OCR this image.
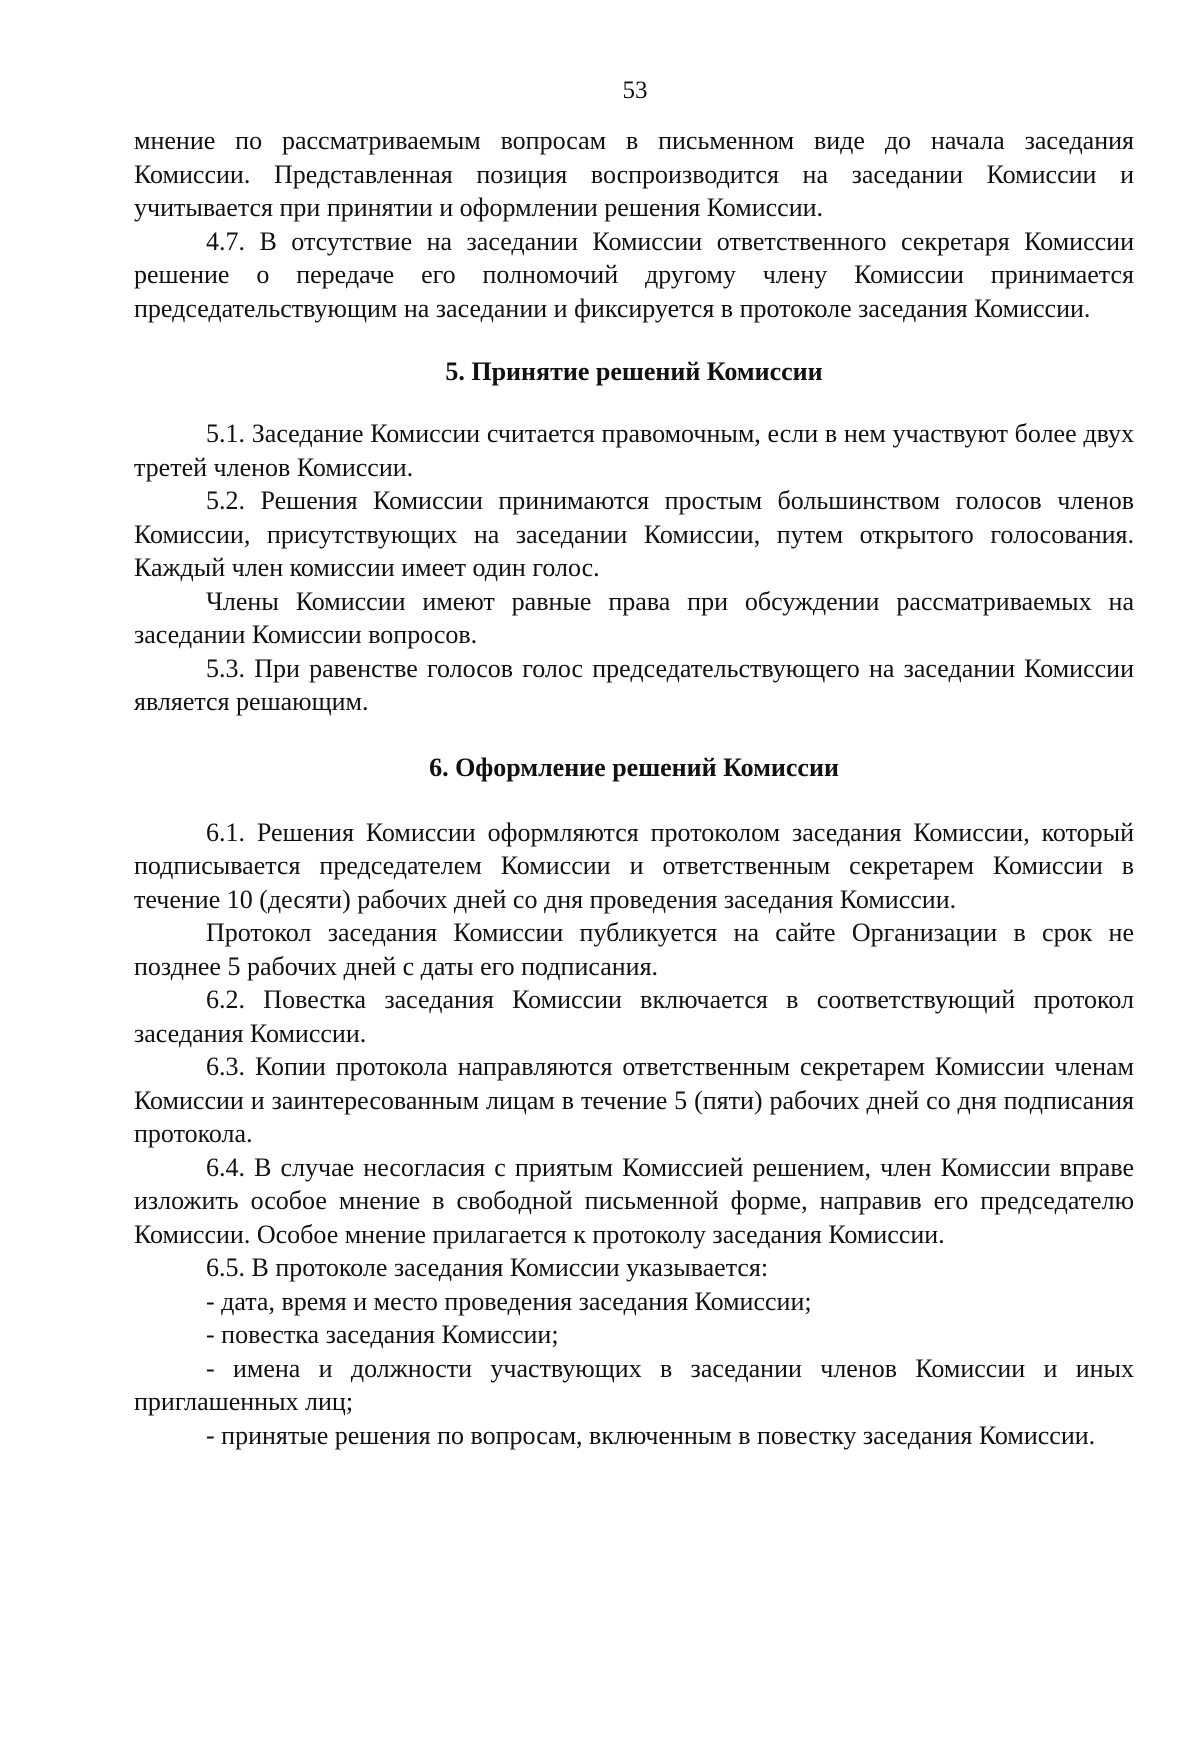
53

мнение по рассматриваемым вопросам в письменном виде до начала заседания Комиссии. Представленная позиция воспроизводится на заседании Комиссии и учитывается при принятии и оформлении решения Комиссии.

4.7. В отсутствие на заседании Комиссии ответственного секретаря Комиссии решение о передаче его полномочий другому члену Комиссии принимается председательствующим на заседании и фиксируется в протоколе заседания Комиссии.

5. Принятие решений Комиссии

5.1. Заседание Комиссии считается правомочным, если в нем участвуют более двух третей членов Комиссии.

5.2. Решения Комиссии принимаются простым большинством голосов членов Комиссии, присутствующих на заседании Комиссии, путем открытого голосования. Каждый член комиссии имеет один голос.

Члены Комиссии имеют равные права при обсуждении рассматриваемых на заседании Комиссии вопросов.

5.3. При равенстве голосов голос председательствующего на заседании Комиссии является решающим.

6. Оформление решений Комиссии

6.1. Решения Комиссии оформляются протоколом заседания Комиссии, который подписывается председателем Комиссии и ответственным секретарем Комиссии в течение 10 (десяти) рабочих дней со дня проведения заседания Комиссии.

Протокол заседания Комиссии публикуется на сайте Организации в срок не позднее 5 рабочих дней с даты его подписания.

6.2. Повестка заседания Комиссии включается в соответствующий протокол заседания Комиссии.

6.3. Копии протокола направляются ответственным секретарем Комиссии членам Комиссии и заинтересованным лицам в течение 5 (пяти) рабочих дней со дня подписания протокола.

6.4. В случае несогласия с приятым Комиссией решением, член Комиссии вправе изложить особое мнение в свободной письменной форме, направив его председателю Комиссии. Особое мнение прилагается к протоколу заседания Комиссии.

6.5. В протоколе заседания Комиссии указывается:

- дата, время и место проведения заседания Комиссии;

- повестка заседания Комиссии;

- имена и должности участвующих в заседании членов Комиссии и иных приглашенных лиц;

- принятые решения по вопросам, включенным в повестку заседания Комиссии.
